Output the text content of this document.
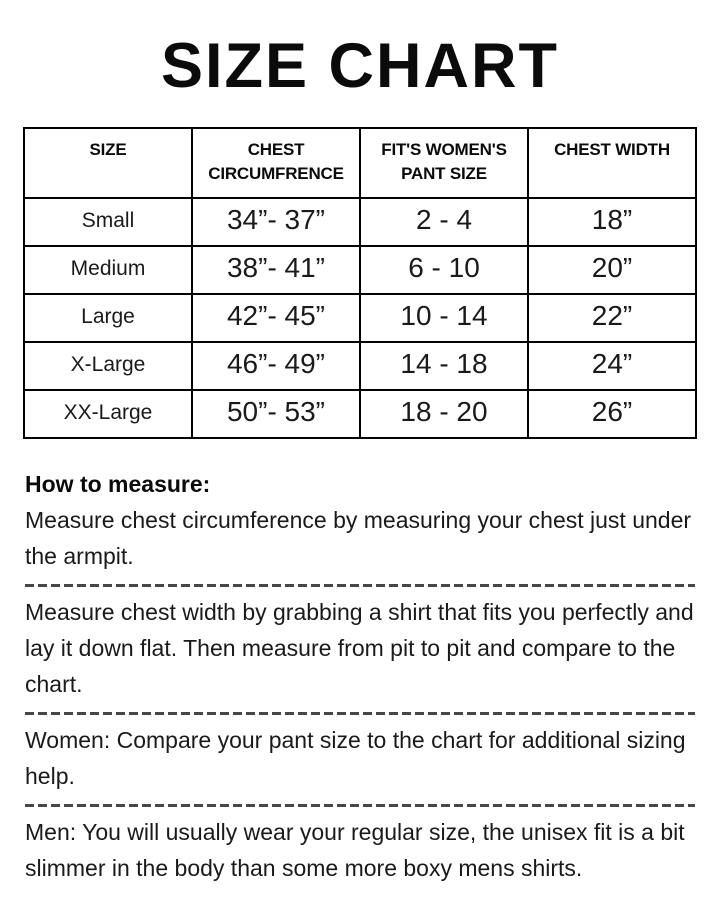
SIZE CHART
SIZE	CHEST CIRCUMFRENCE	FIT'S WOMEN'S PANT SIZE	CHEST WIDTH
Small	34”- 37”	2 - 4	18”
Medium	38”- 41”	6 - 10	20”
Large	42”- 45”	10 - 14	22”
X-Large	46”- 49”	14 - 18	24”
XX-Large	50”- 53”	18 - 20	26”

How to measure:

Measure chest circumference by measuring your chest just under the armpit.

Measure chest width by grabbing a shirt that fits you perfectly and lay it down flat. Then measure from pit to pit and compare to the chart.

Women: Compare your pant size to the chart for additional sizing help.

Men: You will usually wear your regular size, the unisex fit is a bit slimmer in the body than some more boxy mens shirts.
